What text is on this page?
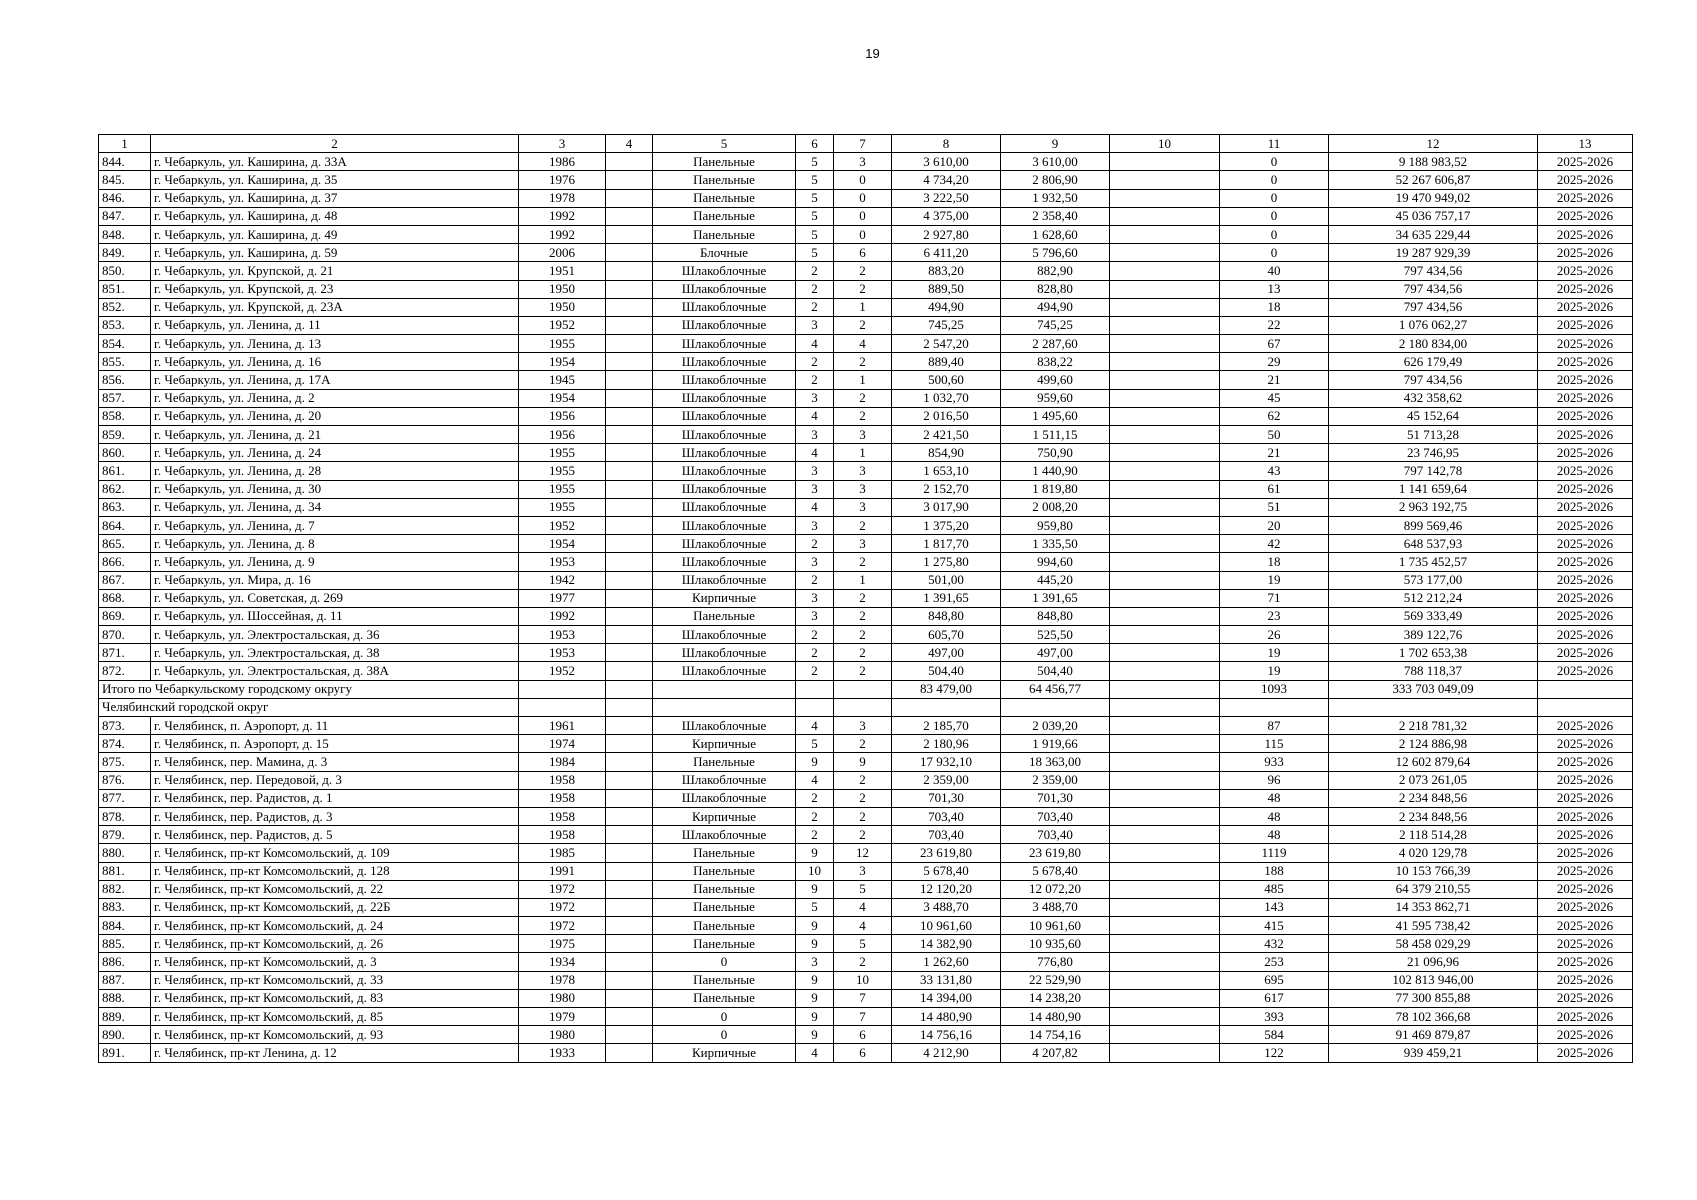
19
1	2	3	4	5	6	7	8	9	10	11	12	13
844.	г. Чебаркуль, ул. Каширина, д. 33А	1986		Панельные	5	3	3 610,00	3 610,00		0	9 188 983,52	2025-2026
845.	г. Чебаркуль, ул. Каширина, д. 35	1976		Панельные	5	0	4 734,20	2 806,90		0	52 267 606,87	2025-2026
846.	г. Чебаркуль, ул. Каширина, д. 37	1978		Панельные	5	0	3 222,50	1 932,50		0	19 470 949,02	2025-2026
847.	г. Чебаркуль, ул. Каширина, д. 48	1992		Панельные	5	0	4 375,00	2 358,40		0	45 036 757,17	2025-2026
848.	г. Чебаркуль, ул. Каширина, д. 49	1992		Панельные	5	0	2 927,80	1 628,60		0	34 635 229,44	2025-2026
849.	г. Чебаркуль, ул. Каширина, д. 59	2006		Блочные	5	6	6 411,20	5 796,60		0	19 287 929,39	2025-2026
850.	г. Чебаркуль, ул. Крупской, д. 21	1951		Шлакоблочные	2	2	883,20	882,90		40	797 434,56	2025-2026
851.	г. Чебаркуль, ул. Крупской, д. 23	1950		Шлакоблочные	2	2	889,50	828,80		13	797 434,56	2025-2026
852.	г. Чебаркуль, ул. Крупской, д. 23А	1950		Шлакоблочные	2	1	494,90	494,90		18	797 434,56	2025-2026
853.	г. Чебаркуль, ул. Ленина, д. 11	1952		Шлакоблочные	3	2	745,25	745,25		22	1 076 062,27	2025-2026
854.	г. Чебаркуль, ул. Ленина, д. 13	1955		Шлакоблочные	4	4	2 547,20	2 287,60		67	2 180 834,00	2025-2026
855.	г. Чебаркуль, ул. Ленина, д. 16	1954		Шлакоблочные	2	2	889,40	838,22		29	626 179,49	2025-2026
856.	г. Чебаркуль, ул. Ленина, д. 17А	1945		Шлакоблочные	2	1	500,60	499,60		21	797 434,56	2025-2026
857.	г. Чебаркуль, ул. Ленина, д. 2	1954		Шлакоблочные	3	2	1 032,70	959,60		45	432 358,62	2025-2026
858.	г. Чебаркуль, ул. Ленина, д. 20	1956		Шлакоблочные	4	2	2 016,50	1 495,60		62	45 152,64	2025-2026
859.	г. Чебаркуль, ул. Ленина, д. 21	1956		Шлакоблочные	3	3	2 421,50	1 511,15		50	51 713,28	2025-2026
860.	г. Чебаркуль, ул. Ленина, д. 24	1955		Шлакоблочные	4	1	854,90	750,90		21	23 746,95	2025-2026
861.	г. Чебаркуль, ул. Ленина, д. 28	1955		Шлакоблочные	3	3	1 653,10	1 440,90		43	797 142,78	2025-2026
862.	г. Чебаркуль, ул. Ленина, д. 30	1955		Шлакоблочные	3	3	2 152,70	1 819,80		61	1 141 659,64	2025-2026
863.	г. Чебаркуль, ул. Ленина, д. 34	1955		Шлакоблочные	4	3	3 017,90	2 008,20		51	2 963 192,75	2025-2026
864.	г. Чебаркуль, ул. Ленина, д. 7	1952		Шлакоблочные	3	2	1 375,20	959,80		20	899 569,46	2025-2026
865.	г. Чебаркуль, ул. Ленина, д. 8	1954		Шлакоблочные	2	3	1 817,70	1 335,50		42	648 537,93	2025-2026
866.	г. Чебаркуль, ул. Ленина, д. 9	1953		Шлакоблочные	3	2	1 275,80	994,60		18	1 735 452,57	2025-2026
867.	г. Чебаркуль, ул. Мира, д. 16	1942		Шлакоблочные	2	1	501,00	445,20		19	573 177,00	2025-2026
868.	г. Чебаркуль, ул. Советская, д. 269	1977		Кирпичные	3	2	1 391,65	1 391,65		71	512 212,24	2025-2026
869.	г. Чебаркуль, ул. Шоссейная, д. 11	1992		Панельные	3	2	848,80	848,80		23	569 333,49	2025-2026
870.	г. Чебаркуль, ул. Электростальская, д. 36	1953		Шлакоблочные	2	2	605,70	525,50		26	389 122,76	2025-2026
871.	г. Чебаркуль, ул. Электростальская, д. 38	1953		Шлакоблочные	2	2	497,00	497,00		19	1 702 653,38	2025-2026
872.	г. Чебаркуль, ул. Электростальская, д. 38А	1952		Шлакоблочные	2	2	504,40	504,40		19	788 118,37	2025-2026
Итого по Чебаркульскому городскому округу							83 479,00	64 456,77		1093	333 703 049,09	
Челябинский городской округ												
873.	г. Челябинск, п. Аэропорт, д. 11	1961		Шлакоблочные	4	3	2 185,70	2 039,20		87	2 218 781,32	2025-2026
874.	г. Челябинск, п. Аэропорт, д. 15	1974		Кирпичные	5	2	2 180,96	1 919,66		115	2 124 886,98	2025-2026
875.	г. Челябинск, пер. Мамина, д. 3	1984		Панельные	9	9	17 932,10	18 363,00		933	12 602 879,64	2025-2026
876.	г. Челябинск, пер. Передовой, д. 3	1958		Шлакоблочные	4	2	2 359,00	2 359,00		96	2 073 261,05	2025-2026
877.	г. Челябинск, пер. Радистов, д. 1	1958		Шлакоблочные	2	2	701,30	701,30		48	2 234 848,56	2025-2026
878.	г. Челябинск, пер. Радистов, д. 3	1958		Кирпичные	2	2	703,40	703,40		48	2 234 848,56	2025-2026
879.	г. Челябинск, пер. Радистов, д. 5	1958		Шлакоблочные	2	2	703,40	703,40		48	2 118 514,28	2025-2026
880.	г. Челябинск, пр-кт Комсомольский, д. 109	1985		Панельные	9	12	23 619,80	23 619,80		1119	4 020 129,78	2025-2026
881.	г. Челябинск, пр-кт Комсомольский, д. 128	1991		Панельные	10	3	5 678,40	5 678,40		188	10 153 766,39	2025-2026
882.	г. Челябинск, пр-кт Комсомольский, д. 22	1972		Панельные	9	5	12 120,20	12 072,20		485	64 379 210,55	2025-2026
883.	г. Челябинск, пр-кт Комсомольский, д. 22Б	1972		Панельные	5	4	3 488,70	3 488,70		143	14 353 862,71	2025-2026
884.	г. Челябинск, пр-кт Комсомольский, д. 24	1972		Панельные	9	4	10 961,60	10 961,60		415	41 595 738,42	2025-2026
885.	г. Челябинск, пр-кт Комсомольский, д. 26	1975		Панельные	9	5	14 382,90	10 935,60		432	58 458 029,29	2025-2026
886.	г. Челябинск, пр-кт Комсомольский, д. 3	1934		0	3	2	1 262,60	776,80		253	21 096,96	2025-2026
887.	г. Челябинск, пр-кт Комсомольский, д. 33	1978		Панельные	9	10	33 131,80	22 529,90		695	102 813 946,00	2025-2026
888.	г. Челябинск, пр-кт Комсомольский, д. 83	1980		Панельные	9	7	14 394,00	14 238,20		617	77 300 855,88	2025-2026
889.	г. Челябинск, пр-кт Комсомольский, д. 85	1979		0	9	7	14 480,90	14 480,90		393	78 102 366,68	2025-2026
890.	г. Челябинск, пр-кт Комсомольский, д. 93	1980		0	9	6	14 756,16	14 754,16		584	91 469 879,87	2025-2026
891.	г. Челябинск, пр-кт Ленина, д. 12	1933		Кирпичные	4	6	4 212,90	4 207,82		122	939 459,21	2025-2026
